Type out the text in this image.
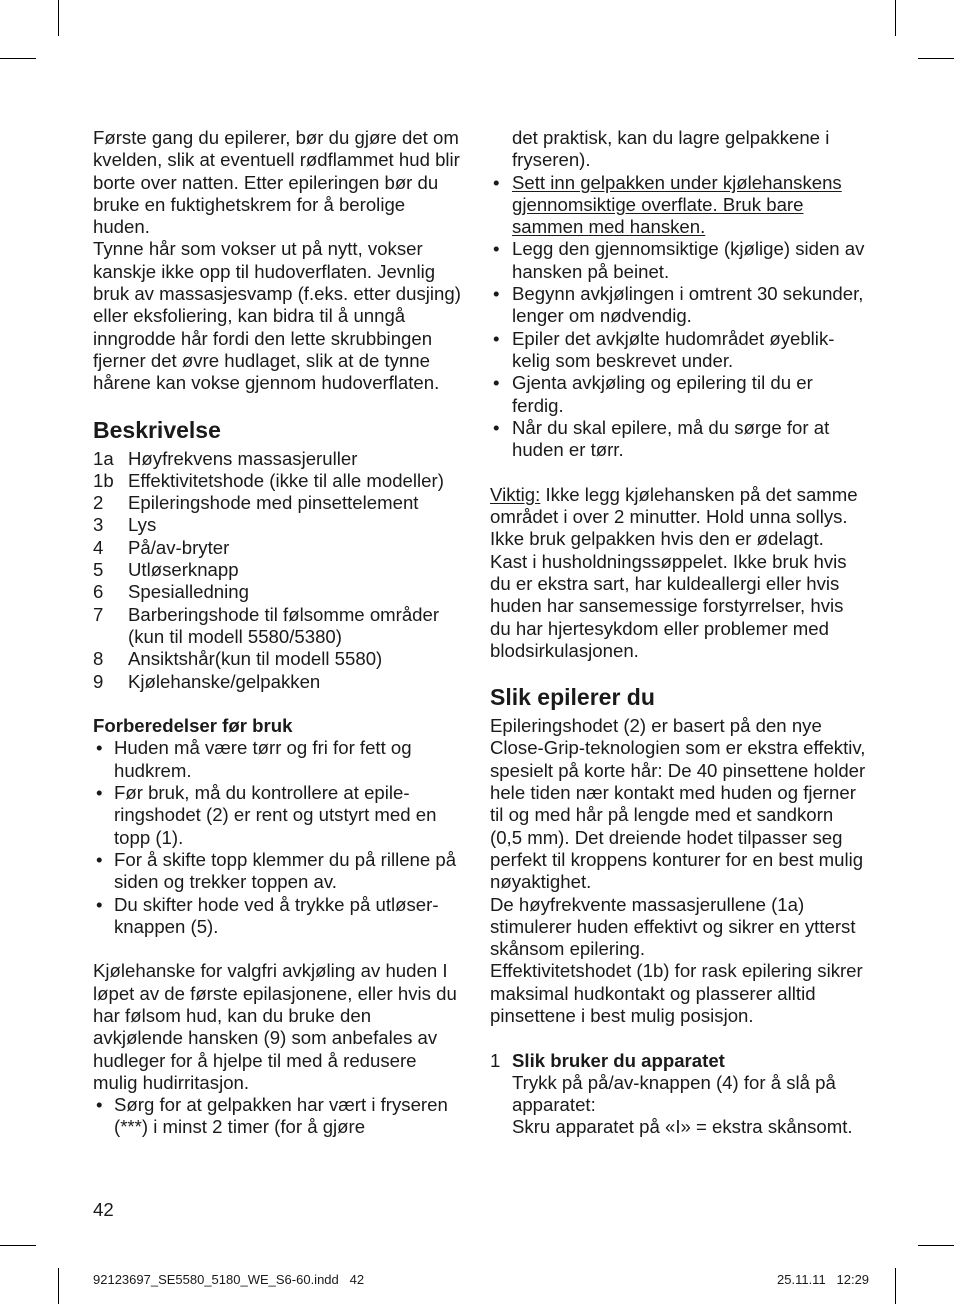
Første gang du epilerer, bør du gjøre det om kvelden, slik at eventuell rødflammet hud blir borte over natten. Etter epileringen bør du bruke en fuktighetskrem for å berolige huden.

Tynne hår som vokser ut på nytt, vokser kanskje ikke opp til hudoverflaten. Jevnlig bruk av massasjesvamp (f.eks. etter dusjing) eller eksfoliering, kan bidra til å unngå inngrodde hår fordi den lette skrubbingen fjerner det øvre hudlaget, slik at de tynne hårene kan vokse gjennom hudoverflaten.

Beskrivelse
1a Høyfrekvens massasjeruller
1b Effektivitetshode (ikke til alle modeller)
2	Epileringshode med pinsettelement
3	Lys
4	På/av-bryter
5	Utløserknapp
6	Spesialledning
7	Barberingshode til følsomme områder (kun til modell 5580/5380)
8	Ansiktshår(kun til modell 5580)
9	Kjølehanske/gelpakken

Forberedelser før bruk

• Huden må være tørr og fri for fett og hudkrem.
• Før bruk, må du kontrollere at epileringshodet (2) er rent og utstyrt med en topp (1).
• For å skifte topp klemmer du på rillene på siden og trekker toppen av.
• Du skifter hode ved å trykke på utløserknappen (5).

Kjølehanske for valgfri avkjøling av huden I løpet av de første epilasjonene, eller hvis du har følsom hud, kan du bruke den avkjølende hansken (9) som anbefales av hudleger for å hjelpe til med å redusere mulig hudirritasjon.

• Sørg for at gelpakken har vært i fryseren (***) i minst 2 timer (for å gjøre

det praktisk, kan du lagre gelpakkene i fryseren).

• Sett inn gelpakken under kjølehanskens gjennomsiktige overflate. Bruk bare sammen med hansken.
• Legg den gjennomsiktige (kjølige) siden av hansken på beinet.
• Begynn avkjølingen i omtrent 30 sekunder, lenger om nødvendig.
• Epiler det avkjølte hudområdet øyeblikkelig som beskrevet under.
• Gjenta avkjøling og epilering til du er ferdig.
• Når du skal epilere, må du sørge for at huden er tørr.

Viktig: Ikke legg kjølehansken på det samme området i over 2 minutter. Hold unna sollys. Ikke bruk gelpakken hvis den er ødelagt. Kast i husholdningssøppelet. Ikke bruk hvis du er ekstra sart, har kuldeallergi eller hvis huden har sansemessige forstyrrelser, hvis du har hjertesykdom eller problemer med blodsirkulasjonen.

Slik epilerer du

Epileringshodet (2) er basert på den nye Close-Grip-teknologien som er ekstra effektiv, spesielt på korte hår: De 40 pinsettene holder hele tiden nær kontakt med huden og fjerner til og med hår på lengde med et sandkorn (0,5 mm). Det dreiende hodet tilpasser seg perfekt til kroppens konturer for en best mulig nøyaktighet.

De høyfrekvente massasjerullene (1a) stimulerer huden effektivt og sikrer en ytterst skånsom epilering.

Effektivitetshodet (1b) for rask epilering sikrer maksimal hudkontakt og plasserer alltid pinsettene i best mulig posisjon.

1 Slik bruker du apparatet

Trykk på på/av-knappen (4) for å slå på apparatet:

Skru apparatet på «I» = ekstra skånsomt.

42
92123697_SE5580_5180_WE_S6-60.indd   42	25.11.11   12:29
